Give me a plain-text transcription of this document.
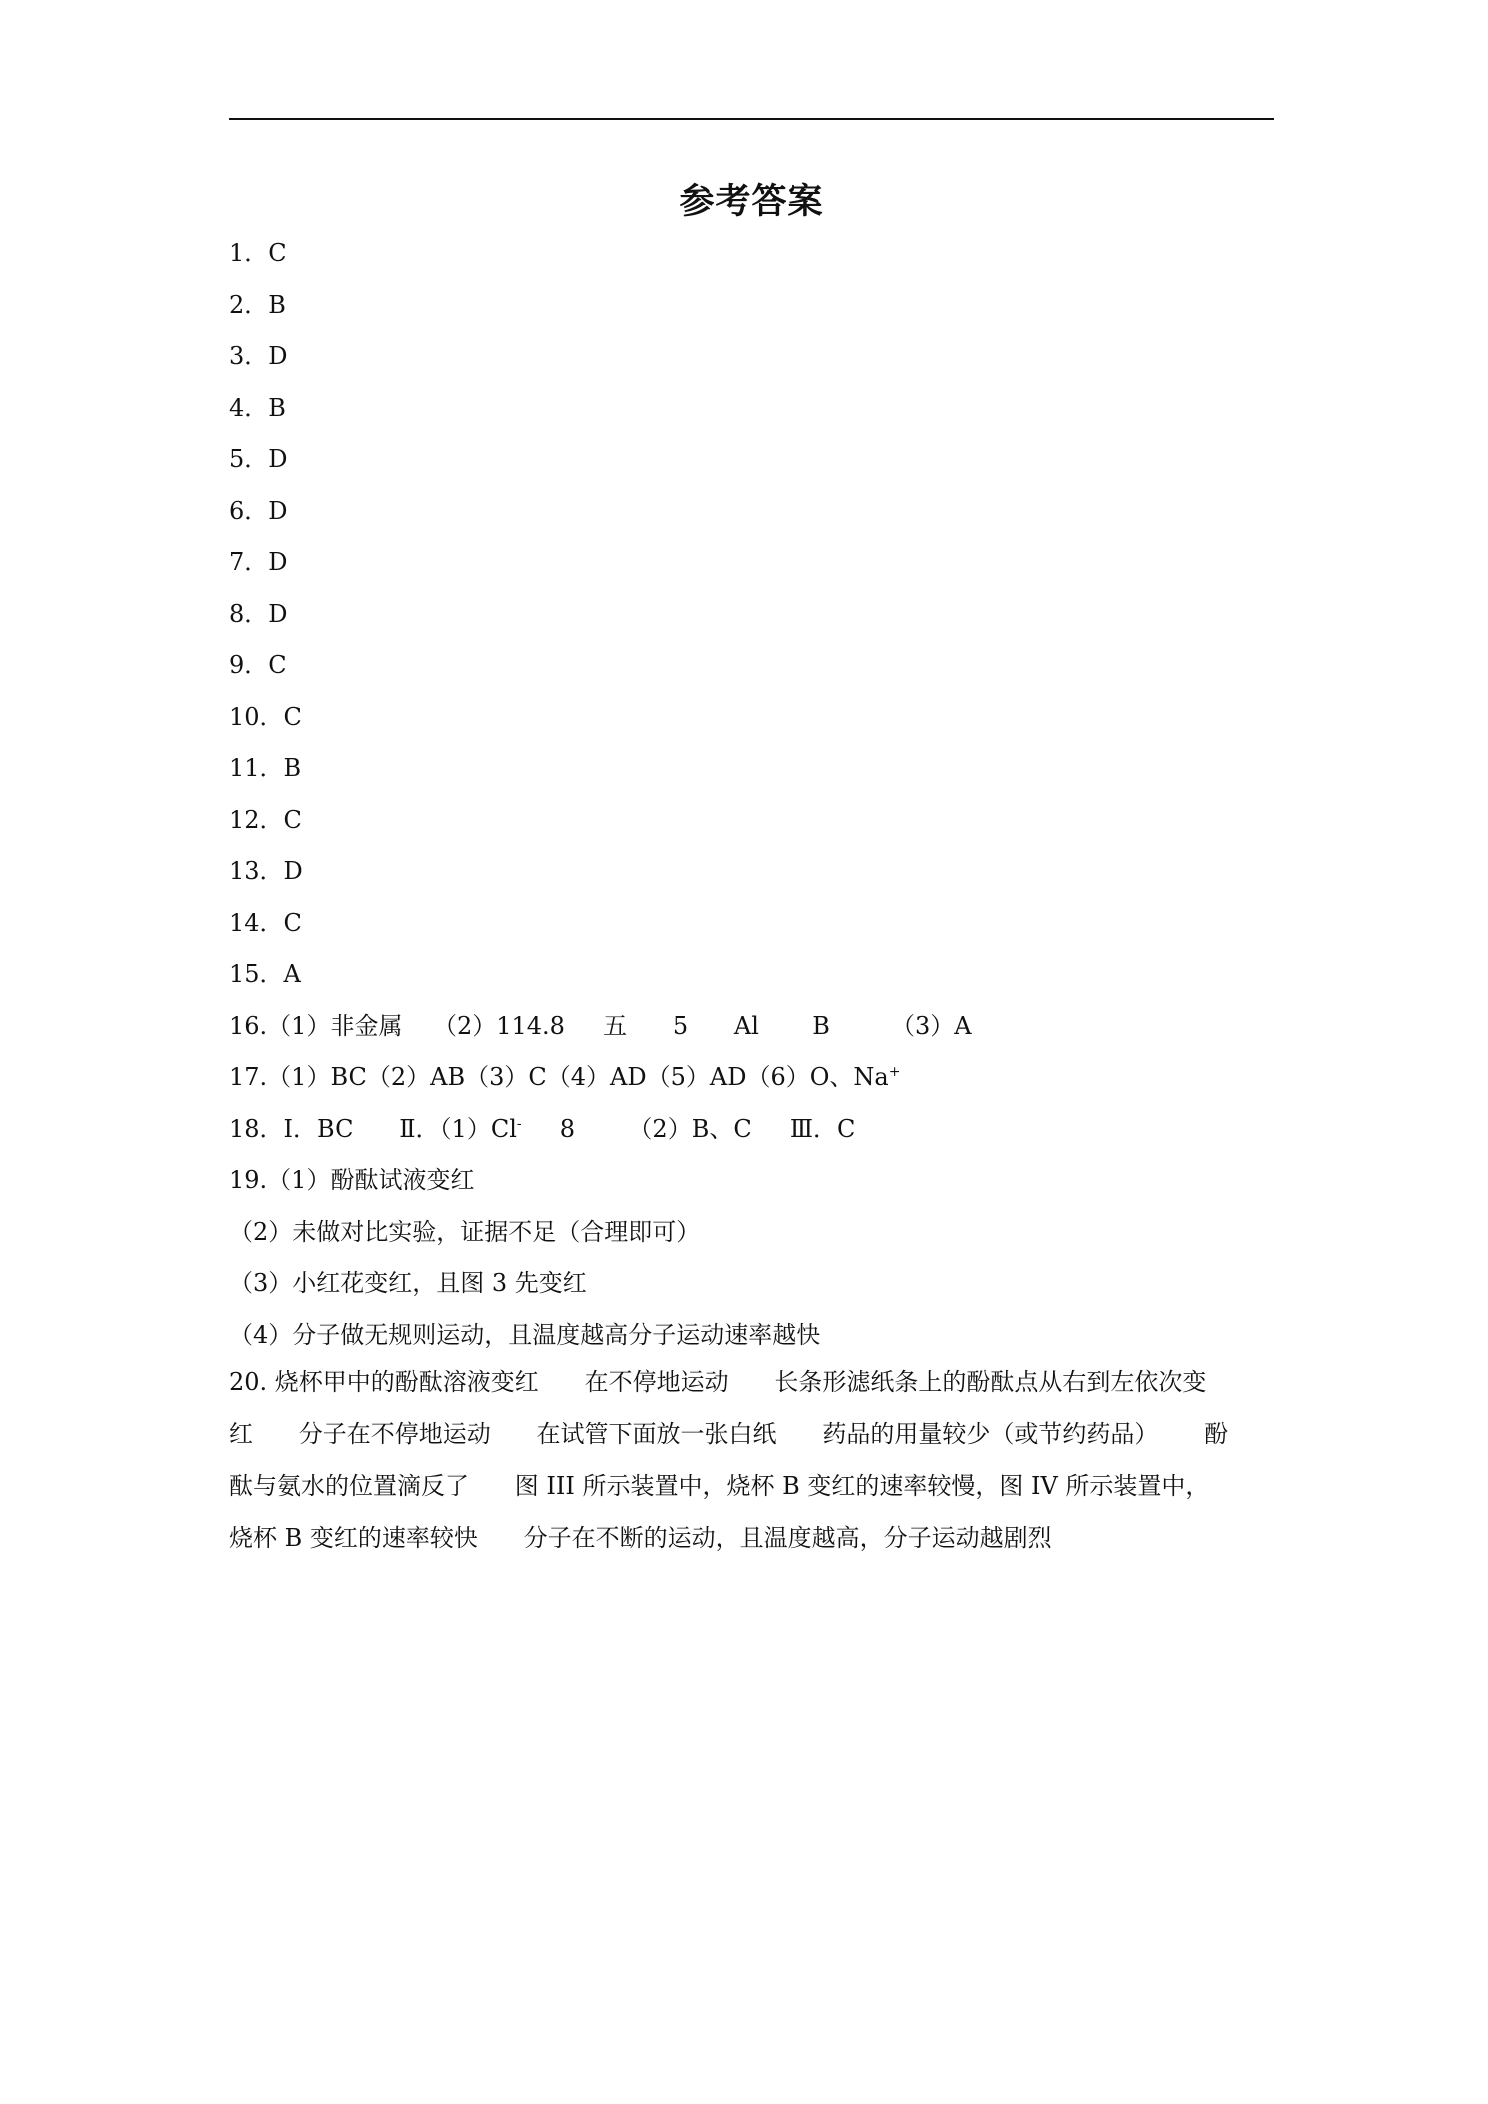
参考答案
1．C
2．B
3．D
4．B
5．D
6．D
7．D
8．D
9．C
10．C
11．B
12．C
13．D
14．C
15．A
16.（1）非金属    （2）114.8     五      5      Al       B        （3）A
17.（1）BC（2）AB（3）C（4）AD（5）AD（6）O、Na+
18．Ⅰ．BC      Ⅱ．（1）Cl-     8       （2）B、C     Ⅲ．C
19.（1）酚酞试液变红
（2）未做对比实验，证据不足（合理即可）
（3）小红花变红，且图 3 先变红
（4）分子做无规则运动，且温度越高分子运动速率越快
20. 烧杯甲中的酚酞溶液变红      在不停地运动      长条形滤纸条上的酚酞点从右到左依次变
红      分子在不停地运动      在试管下面放一张白纸      药品的用量较少（或节约药品）      酚
酞与氨水的位置滴反了      图 III 所示装置中，烧杯 B 变红的速率较慢，图 IV 所示装置中，
烧杯 B 变红的速率较快      分子在不断的运动，且温度越高，分子运动越剧烈
